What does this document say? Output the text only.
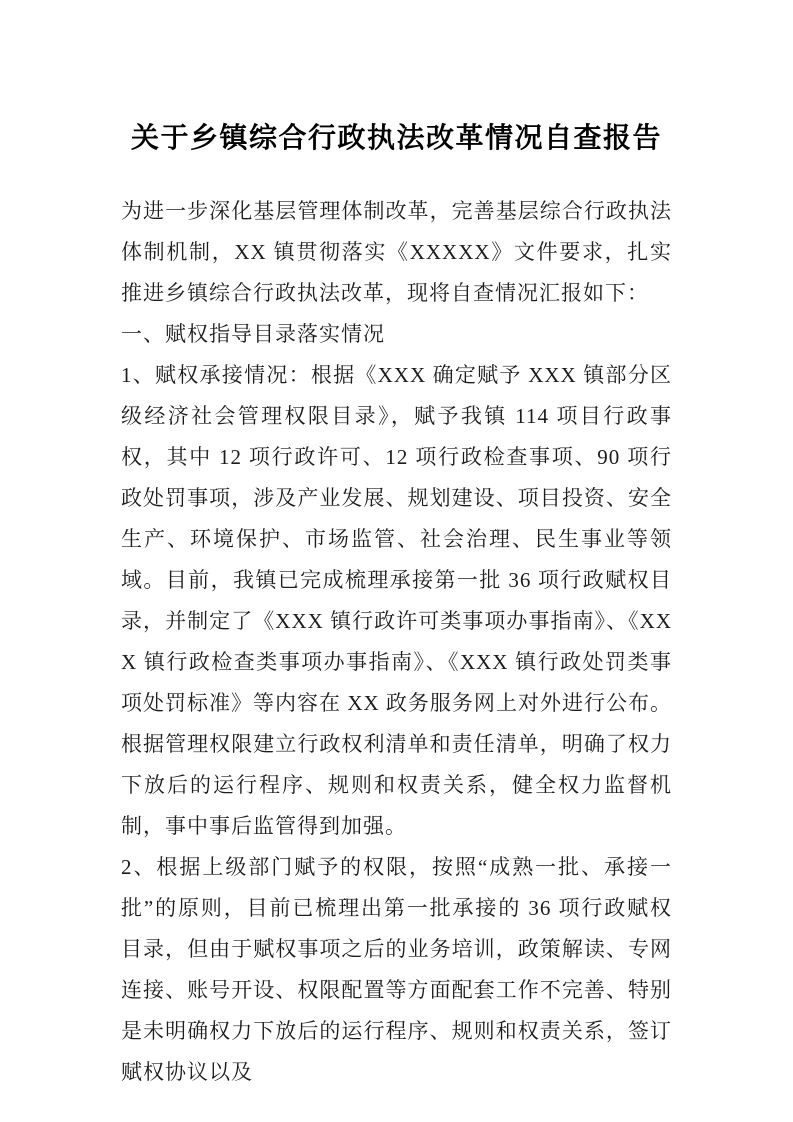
关于乡镇综合行政执法改革情况自查报告

为进一步深化基层管理体制改革，完善基层综合行政执法体制机制，XX 镇贯彻落实《XXXXX》文件要求，扎实推进乡镇综合行政执法改革，现将自查情况汇报如下：

一、赋权指导目录落实情况

1、赋权承接情况：根据《XXX 确定赋予 XXX 镇部分区级经济社会管理权限目录》，赋予我镇 114 项目行政事权，其中 12 项行政许可、12 项行政检查事项、90 项行政处罚事项，涉及产业发展、规划建设、项目投资、安全生产、环境保护、市场监管、社会治理、民生事业等领域。目前，我镇已完成梳理承接第一批 36 项行政赋权目录，并制定了《XXX 镇行政许可类事项办事指南》、《XXX 镇行政检查类事项办事指南》、《XXX 镇行政处罚类事项处罚标准》等内容在 XX 政务服务网上对外进行公布。根据管理权限建立行政权利清单和责任清单，明确了权力下放后的运行程序、规则和权责关系，健全权力监督机制，事中事后监管得到加强。

2、根据上级部门赋予的权限，按照“成熟一批、承接一批”的原则，目前已梳理出第一批承接的 36 项行政赋权目录，但由于赋权事项之后的业务培训，政策解读、专网连接、账号开设、权限配置等方面配套工作不完善、特别是未明确权力下放后的运行程序、规则和权责关系，签订赋权协议以及
